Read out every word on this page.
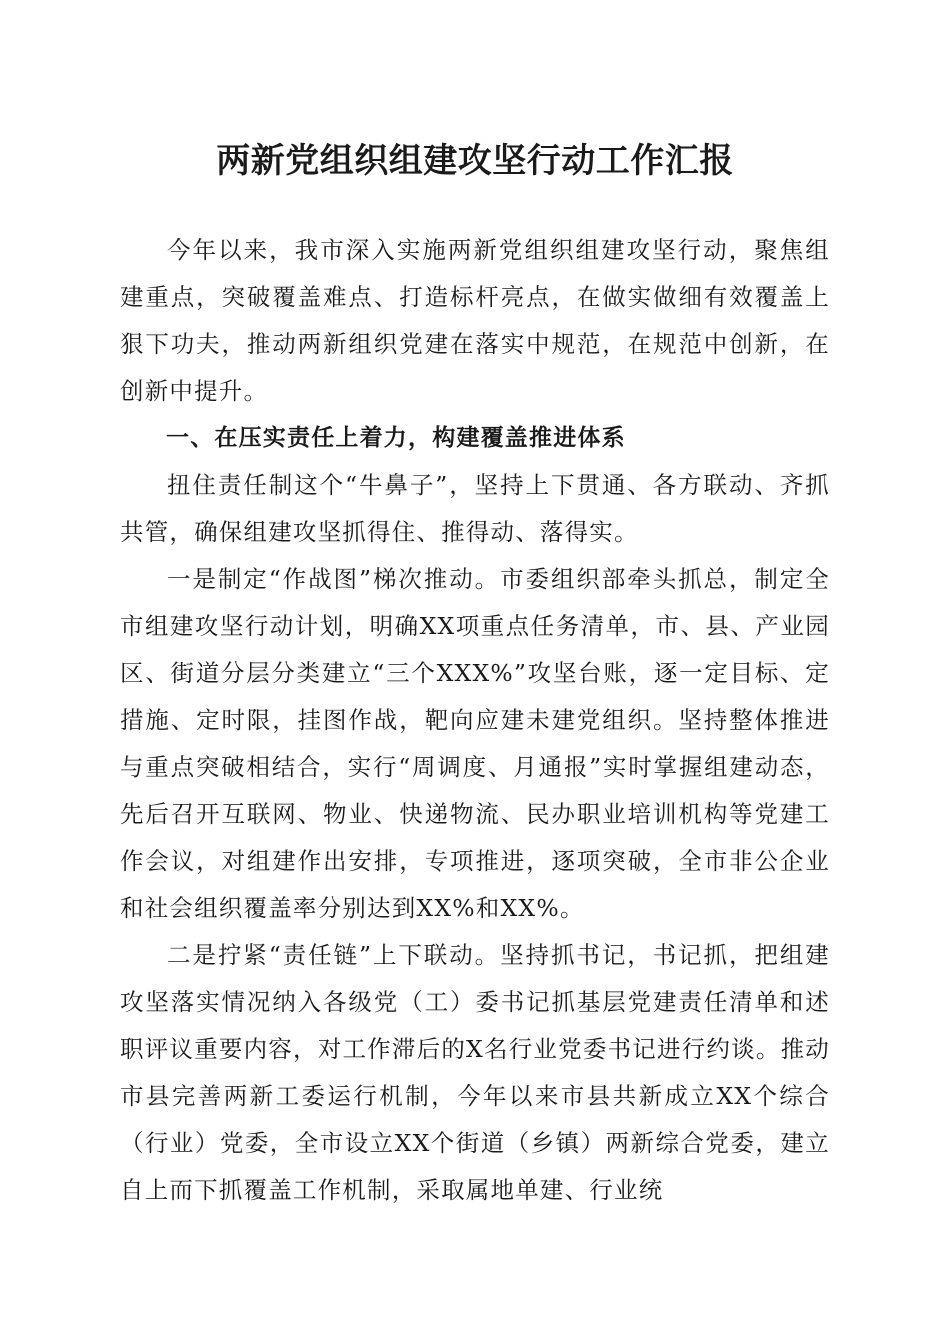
两新党组织组建攻坚行动工作汇报

今年以来，我市深入实施两新党组织组建攻坚行动，聚焦组建重点，突破覆盖难点、打造标杆亮点，在做实做细有效覆盖上狠下功夫，推动两新组织党建在落实中规范，在规范中创新，在创新中提升。

一、在压实责任上着力，构建覆盖推进体系

扭住责任制这个“牛鼻子”，坚持上下贯通、各方联动、齐抓共管，确保组建攻坚抓得住、推得动、落得实。

一是制定“作战图”梯次推动。市委组织部牵头抓总，制定全市组建攻坚行动计划，明确XX项重点任务清单，市、县、产业园区、街道分层分类建立“三个XXX%”攻坚台账，逐一定目标、定措施、定时限，挂图作战，靶向应建未建党组织。坚持整体推进与重点突破相结合，实行“周调度、月通报”实时掌握组建动态，先后召开互联网、物业、快递物流、民办职业培训机构等党建工作会议，对组建作出安排，专项推进，逐项突破，全市非公企业和社会组织覆盖率分别达到XX%和XX%。

二是拧紧“责任链”上下联动。坚持抓书记，书记抓，把组建攻坚落实情况纳入各级党（工）委书记抓基层党建责任清单和述职评议重要内容，对工作滞后的X名行业党委书记进行约谈。推动市县完善两新工委运行机制，今年以来市县共新成立XX个综合（行业）党委，全市设立XX个街道（乡镇）两新综合党委，建立自上而下抓覆盖工作机制，采取属地单建、行业统
